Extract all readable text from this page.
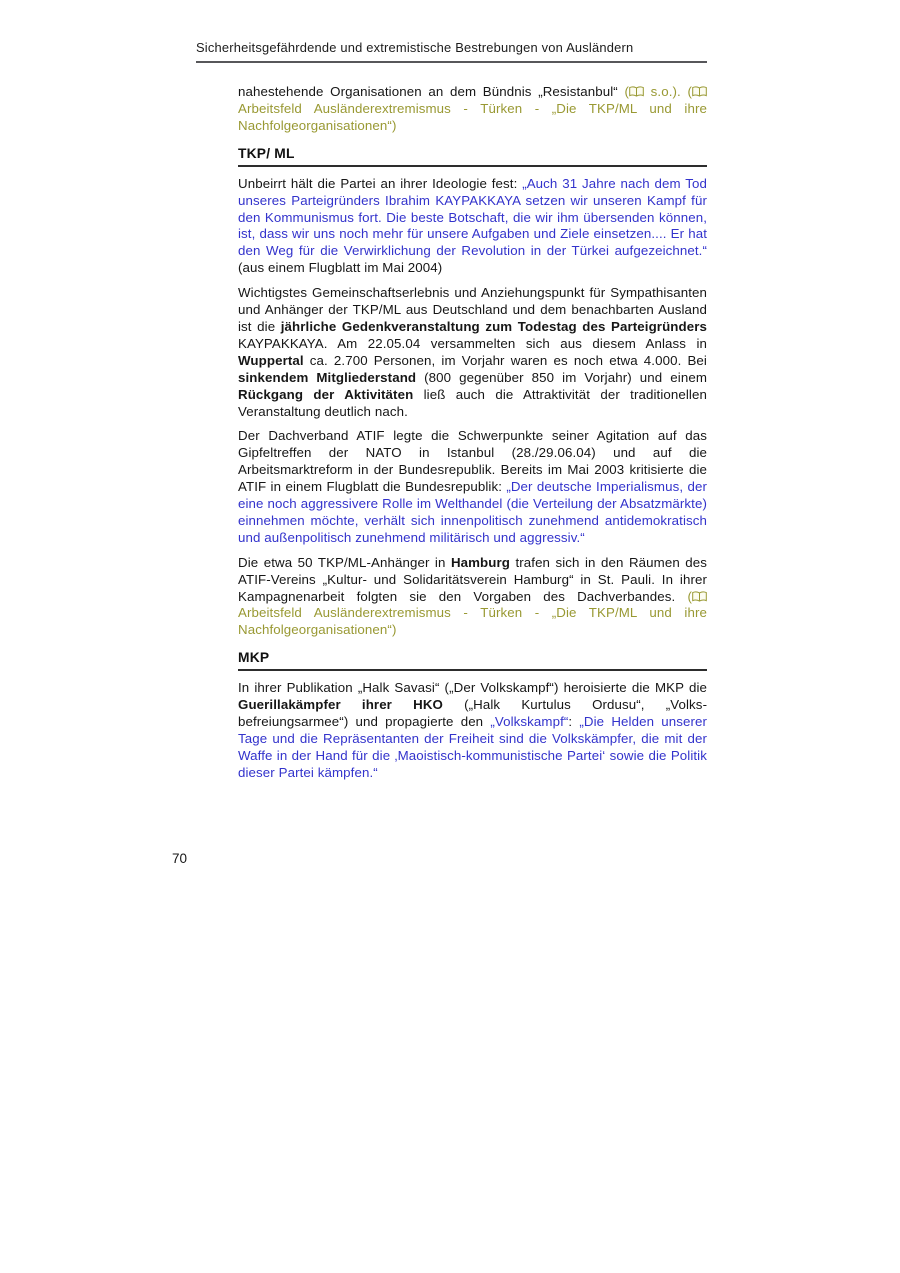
Sicherheitsgefährdende und extremistische Bestrebungen von Ausländern

nahestehende Organisationen an dem Bündnis „Resistanbul“ ( s.o.). ( Arbeitsfeld Ausländerextremismus - Türken - „Die TKP/ML und ihre Nachfolgeorganisationen“)

TKP/ ML

Unbeirrt hält die Partei an ihrer Ideologie fest: „Auch 31 Jahre nach dem Tod unseres Parteigründers Ibrahim KAYPAKKAYA setzen wir unseren Kampf für den Kommunismus fort. Die beste Botschaft, die wir ihm übersenden können, ist, dass wir uns noch mehr für unsere Aufgaben und Ziele einsetzen.... Er hat den Weg für die Verwirklichung der Revolution in der Türkei aufgezeichnet.“ (aus einem Flugblatt im Mai 2004)

Wichtigstes Gemeinschaftserlebnis und Anziehungspunkt für Sympathisanten und Anhänger der TKP/ML aus Deutschland und dem benachbarten Ausland ist die jährliche Gedenkveranstaltung zum Todestag des Parteigründers KAYPAKKAYA. Am 22.05.04 versammelten sich aus diesem Anlass in Wuppertal ca. 2.700 Personen, im Vorjahr waren es noch etwa 4.000. Bei sinkendem Mitgliederstand (800 gegenüber 850 im Vorjahr) und einem Rückgang der Aktivitäten ließ auch die Attraktivität der traditionellen Veranstaltung deutlich nach.

Der Dachverband ATIF legte die Schwerpunkte seiner Agitation auf das Gipfeltreffen der NATO in Istanbul (28./29.06.04) und auf die Arbeitsmarktreform in der Bundesrepublik. Bereits im Mai 2003 kritisierte die ATIF in einem Flugblatt die Bundesrepublik: „Der deutsche Imperialismus, der eine noch aggressivere Rolle im Welthandel (die Verteilung der Absatzmärkte) einnehmen möchte, verhält sich innenpolitisch zunehmend antidemokratisch und außenpolitisch zunehmend militärisch und aggressiv.“

Die etwa 50 TKP/ML-Anhänger in Hamburg trafen sich in den Räumen des ATIF-Vereins „Kultur- und Solidaritätsverein Hamburg“ in St. Pauli. In ihrer Kampagnenarbeit folgten sie den Vorgaben des Dachverbandes. ( Arbeitsfeld Ausländerextremismus - Türken - „Die TKP/ML und ihre Nachfolgeorganisationen“)

MKP

In ihrer Publikation „Halk Savasi“ („Der Volkskampf“) heroisierte die MKP die Guerillakämpfer ihrer HKO („Halk Kurtulus Ordusu“, „Volksbefreiungsarmee“) und propagierte den „Volkskampf“: „Die Helden unserer Tage und die Repräsentanten der Freiheit sind die Volkskämpfer, die mit der Waffe in der Hand für die ‚Maoistisch-kommunistische Partei‘ sowie die Politik dieser Partei kämpfen.“

70
